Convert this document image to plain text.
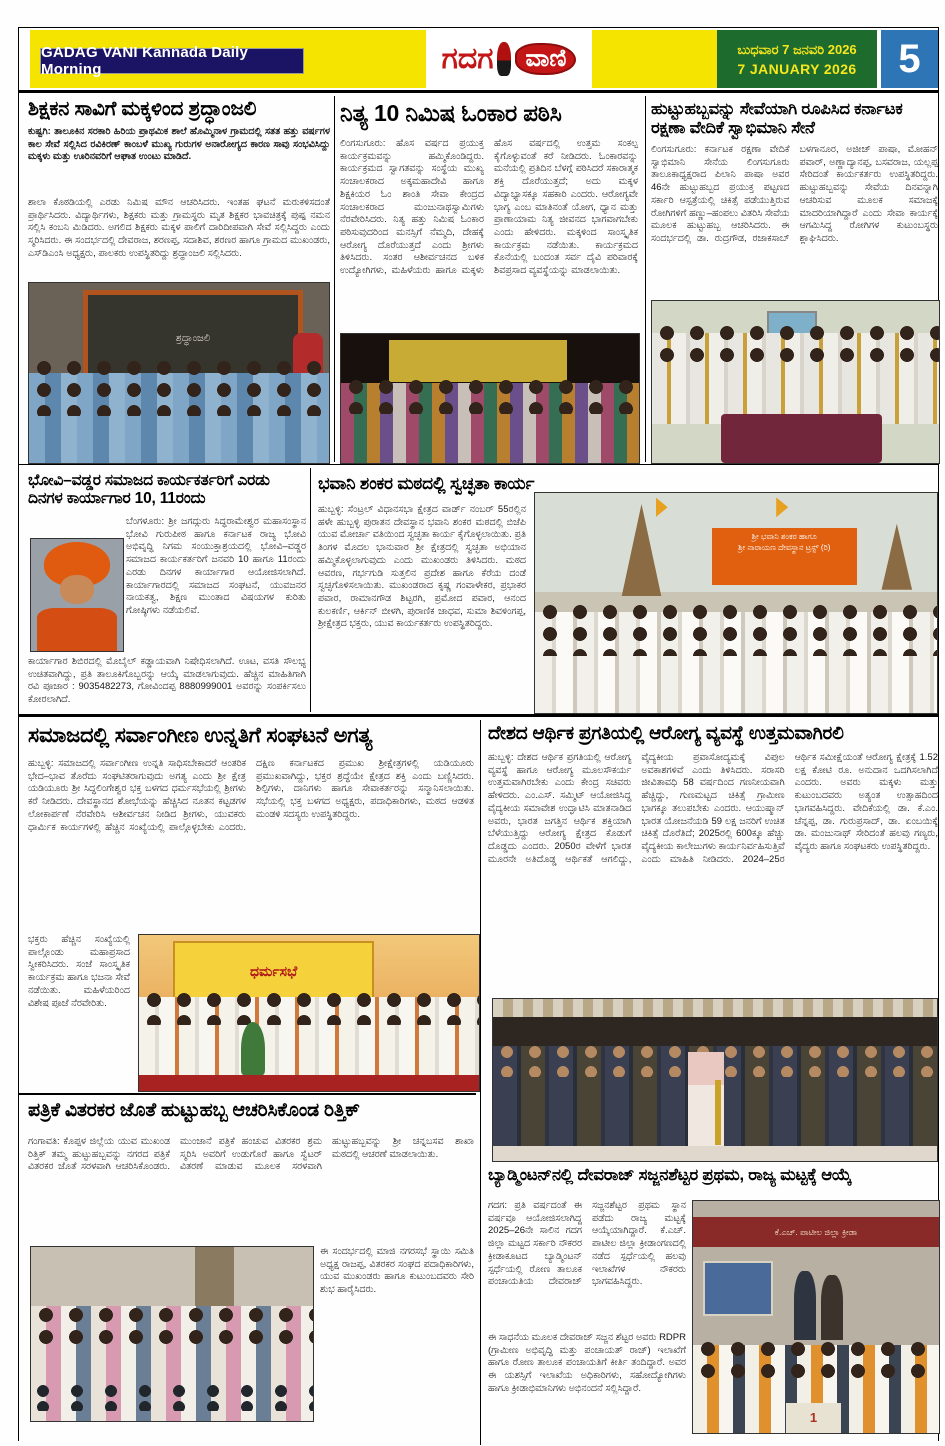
GADAG VANI Kannada Daily Morning	ಗದಗ	ವಾಣಿ	ಬುಧವಾರ 7 ಜನವರಿ 2026
7 JANUARY 2026	5
ಶಿಕ್ಷಕನ ಸಾವಿಗೆ ಮಕ್ಕಳಿಂದ ಶ್ರದ್ಧಾಂಜಲಿ
ಕುಷ್ಟಗಿ: ತಾಲೂಕಿನ ಸರಕಾರಿ ಹಿರಿಯ ಪ್ರಾಥಮಿಕ ಶಾಲೆ ಹೊಮ್ಮಿನಾಳ ಗ್ರಾಮದಲ್ಲಿ ಸತತ ಹತ್ತು ವರ್ಷಗಳ ಕಾಲ ಸೇವೆ ಸಲ್ಲಿಸಿದ ರವಿಕಿರಣ್ ಕಾಂಬಳೆ ಮುಖ್ಯ ಗುರುಗಳ ಅನಾರೋಗ್ಯದ ಕಾರಣ ಸಾವು ಸಂಭವಿಸಿದ್ದು ಮಕ್ಕಳು ಮತ್ತು ಊರಿನವರಿಗೆ ಆಘಾತ ಉಂಟು ಮಾಡಿದೆ.
ಶಾಲಾ ಕೊಠಡಿಯಲ್ಲಿ ಎರಡು ನಿಮಿಷ ಮೌನ ಆಚರಿಸಿದರು. ಇಂತಹ ಘಟನೆ ಮರುಕಳಿಸದಂತೆ ಪ್ರಾರ್ಥಿಸಿದರು. ವಿದ್ಯಾರ್ಥಿಗಳು, ಶಿಕ್ಷಕರು ಮತ್ತು ಗ್ರಾಮಸ್ಥರು ಮೃತ ಶಿಕ್ಷಕರ ಭಾವಚಿತ್ರಕ್ಕೆ ಪುಷ್ಪ ನಮನ ಸಲ್ಲಿಸಿ ಕಂಬನಿ ಮಿಡಿದರು. ಅಗಲಿದ ಶಿಕ್ಷಕರು ಮಕ್ಕಳ ಪಾಲಿಗೆ ದಾರಿದೀಪವಾಗಿ ಸೇವೆ ಸಲ್ಲಿಸಿದ್ದರು ಎಂದು ಸ್ಮರಿಸಿದರು. ಈ ಸಂದರ್ಭದಲ್ಲಿ ದೇವರಾಜ, ಶರಣಪ್ಪ, ಸದಾಶಿವ, ಶರಣರ ಹಾಗೂ ಗ್ರಾಮದ ಮುಖಂಡರು, ಎಸ್‌ಡಿಎಂಸಿ ಅಧ್ಯಕ್ಷರು, ಪಾಲಕರು ಉಪಸ್ಥಿತರಿದ್ದು ಶ್ರದ್ಧಾಂಜಲಿ ಸಲ್ಲಿಸಿದರು.
ಶ್ರದ್ಧಾಂಜಲಿ
ನಿತ್ಯ 10 ನಿಮಿಷ ಓಂಕಾರ ಪಠಿಸಿ
ಲಿಂಗಸುಗೂರು: ಹೊಸ ವರ್ಷದ ಪ್ರಯುಕ್ತ ಕಾರ್ಯಕ್ರಮವನ್ನು ಹಮ್ಮಿಕೊಂಡಿದ್ದರು. ಕಾರ್ಯಕ್ರಮದ ಸ್ವಾಗತವನ್ನು ಸಂಸ್ಥೆಯ ಮುಖ್ಯ ಸಂಚಾಲಕರಾದ ಅಕ್ಕಮಹಾದೇವಿ ಹಾಗೂ ಶಿಕ್ಷಕಿಯರ ಓಂ ಶಾಂತಿ ಸೇವಾ ಕೇಂದ್ರದ ಸಂಚಾಲಕರಾದ ಮಂಜುನಾಥಸ್ವಾಮಿಗಳು ನೆರವೇರಿಸಿದರು. ನಿತ್ಯ ಹತ್ತು ನಿಮಿಷ ಓಂಕಾರ ಪಠಿಸುವುದರಿಂದ ಮನಸ್ಸಿಗೆ ನೆಮ್ಮದಿ, ದೇಹಕ್ಕೆ ಆರೋಗ್ಯ ದೊರೆಯುತ್ತದೆ ಎಂದು ಶ್ರೀಗಳು ತಿಳಿಸಿದರು. ಸಂತರ ಆಶೀರ್ವಚನದ ಬಳಿಕ ಉದ್ಯೋಗಿಗಳು, ಮಹಿಳೆಯರು ಹಾಗೂ ಮಕ್ಕಳು ಹೊಸ ವರ್ಷದಲ್ಲಿ ಉತ್ತಮ ಸಂಕಲ್ಪ ಕೈಗೊಳ್ಳುವಂತೆ ಕರೆ ನೀಡಿದರು. ಓಂಕಾರವನ್ನು ಮನೆಯಲ್ಲಿ ಪ್ರತಿದಿನ ಬೆಳಗ್ಗೆ ಪಠಿಸಿದರೆ ಸಕಾರಾತ್ಮಕ ಶಕ್ತಿ ದೊರೆಯುತ್ತದೆ; ಅದು ಮಕ್ಕಳ ವಿದ್ಯಾಭ್ಯಾಸಕ್ಕೂ ಸಹಕಾರಿ ಎಂದರು. ಆರೋಗ್ಯವೇ ಭಾಗ್ಯ ಎಂಬ ಮಾತಿನಂತೆ ಯೋಗ, ಧ್ಯಾನ ಮತ್ತು ಪ್ರಾಣಾಯಾಮ ನಿತ್ಯ ಜೀವನದ ಭಾಗವಾಗಬೇಕು ಎಂದು ಹೇಳಿದರು. ಮಕ್ಕಳಿಂದ ಸಾಂಸ್ಕೃತಿಕ ಕಾರ್ಯಕ್ರಮ ನಡೆಯಿತು. ಕಾರ್ಯಕ್ರಮದ ಕೊನೆಯಲ್ಲಿ ಬಂದಂತ ಸರ್ವ ದೈವಿ ಪರಿವಾರಕ್ಕೆ ಶಿವಪ್ರಸಾದ ವ್ಯವಸ್ಥೆಯನ್ನು ಮಾಡಲಾಯಿತು.
ಹುಟ್ಟುಹಬ್ಬವನ್ನು ಸೇವೆಯಾಗಿ ರೂಪಿಸಿದ ಕರ್ನಾಟಕ ರಕ್ಷಣಾ ವೇದಿಕೆ ಸ್ವಾಭಿಮಾನಿ ಸೇನೆ
ಲಿಂಗಸುಗೂರು: ಕರ್ನಾಟಕ ರಕ್ಷಣಾ ವೇದಿಕೆ ಸ್ವಾಭಿಮಾನಿ ಸೇನೆಯ ಲಿಂಗಸುಗೂರು ತಾಲೂಕಾಧ್ಯಕ್ಷರಾದ ಪಿಲಾನಿ ಪಾಷಾ ಅವರ 46ನೇ ಹುಟ್ಟುಹಬ್ಬದ ಪ್ರಯುಕ್ತ ಪಟ್ಟಣದ ಸರ್ಕಾರಿ ಆಸ್ಪತ್ರೆಯಲ್ಲಿ ಚಿಕಿತ್ಸೆ ಪಡೆಯುತ್ತಿರುವ ರೋಗಿಗಳಿಗೆ ಹಣ್ಣು–ಹಂಪಲು ವಿತರಿಸಿ ಸೇವೆಯ ಮೂಲಕ ಹುಟ್ಟುಹಬ್ಬ ಆಚರಿಸಿದರು. ಈ ಸಂದರ್ಭದಲ್ಲಿ ಡಾ. ರುದ್ರಗೌಡ, ರಜಾಕಸಾಬ್ ಬಳಗಾನೂರ, ಅಜೀಜ್ ಪಾಷಾ, ಮೋಹನ್ ಪವಾರ್, ಅಣ್ಣಾದ್ಯಾನಪ್ಪ, ಬಸವರಾಜ, ಯಲ್ಲಪ್ಪ ಸೇರಿದಂತೆ ಕಾರ್ಯಕರ್ತರು ಉಪಸ್ಥಿತರಿದ್ದರು. ಹುಟ್ಟುಹಬ್ಬವನ್ನು ಸೇವೆಯ ದಿನವನ್ನಾಗಿ ಆಚರಿಸುವ ಮೂಲಕ ಸಮಾಜಕ್ಕೆ ಮಾದರಿಯಾಗಿದ್ದಾರೆ ಎಂದು ಸೇವಾ ಕಾರ್ಯಕ್ಕೆ ಆಗಮಿಸಿದ್ದ ರೋಗಿಗಳ ಕುಟುಂಬಸ್ಥರು ಶ್ಲಾಘಿಸಿದರು.
ಭೋವಿ–ವಡ್ಡರ ಸಮಾಜದ ಕಾರ್ಯಕರ್ತರಿಗೆ ಎರಡು ದಿನಗಳ ಕಾರ್ಯಾಗಾರ 10, 11ರಂದು
ಬೆಂಗಳೂರು: ಶ್ರೀ ಜಗದ್ಗುರು ಸಿದ್ಧರಾಮೇಶ್ವರ ಮಹಾಸಂಸ್ಥಾನ ಭೋವಿ ಗುರುಪೀಠ ಹಾಗೂ ಕರ್ನಾಟಕ ರಾಜ್ಯ ಭೋವಿ ಅಭಿವೃದ್ಧಿ ನಿಗಮ ಸಂಯುಕ್ತಾಶ್ರಯದಲ್ಲಿ ಭೋವಿ–ವಡ್ಡರ ಸಮಾಜದ ಕಾರ್ಯಕರ್ತರಿಗೆ ಜನವರಿ 10 ಹಾಗೂ 11ರಂದು ಎರಡು ದಿನಗಳ ಕಾರ್ಯಾಗಾರ ಆಯೋಜಿಸಲಾಗಿದೆ. ಕಾರ್ಯಾಗಾರದಲ್ಲಿ ಸಮಾಜದ ಸಂಘಟನೆ, ಯುವಜನರ ನಾಯಕತ್ವ, ಶಿಕ್ಷಣ ಮುಂತಾದ ವಿಷಯಗಳ ಕುರಿತು ಗೋಷ್ಠಿಗಳು ನಡೆಯಲಿವೆ.
ಕಾರ್ಯಾಗಾರ ಶಿಬಿರದಲ್ಲಿ ಮೊಬೈಲ್ ಕಡ್ಡಾಯವಾಗಿ ನಿಷೇಧಿಸಲಾಗಿದೆ. ಊಟ, ವಸತಿ ಸೌಲಭ್ಯ ಉಚಿತವಾಗಿದ್ದು, ಪ್ರತಿ ತಾಲೂಕಿಗೊಬ್ಬರನ್ನು ಆಯ್ಕೆ ಮಾಡಲಾಗುವುದು. ಹೆಚ್ಚಿನ ಮಾಹಿತಿಗಾಗಿ ರವಿ ಪೂಜಾರ : 9035482273, ಗೋವಿಂದಪ್ಪ 8880999001 ಅವರನ್ನು ಸಂಪರ್ಕಿಸಲು ಕೋರಲಾಗಿದೆ.
ಭವಾನಿ ಶಂಕರ ಮಠದಲ್ಲಿ ಸ್ವಚ್ಛತಾ ಕಾರ್ಯ
ಹುಬ್ಬಳ್ಳಿ: ಸೆಂಟ್ರಲ್ ವಿಧಾನಸಭಾ ಕ್ಷೇತ್ರದ ವಾರ್ಡ್ ನಂಬರ್ 55ರಲ್ಲಿನ ಹಳೇ ಹುಬ್ಬಳ್ಳಿ ಪುರಾತನ ದೇವಸ್ಥಾನ ಭವಾನಿ ಶಂಕರ ಮಠದಲ್ಲಿ ಬಿಜೆಪಿ ಯುವ ಮೋರ್ಚಾ ವತಿಯಿಂದ ಸ್ವಚ್ಛತಾ ಕಾರ್ಯ ಕೈಗೊಳ್ಳಲಾಯಿತು. ಪ್ರತಿ ತಿಂಗಳ ಮೊದಲ ಭಾನುವಾರ ಶ್ರೀ ಕ್ಷೇತ್ರದಲ್ಲಿ ಸ್ವಚ್ಛತಾ ಅಭಿಯಾನ ಹಮ್ಮಿಕೊಳ್ಳಲಾಗುವುದು ಎಂದು ಮುಖಂಡರು ತಿಳಿಸಿದರು. ಮಠದ ಆವರಣ, ಗರ್ಭಗುಡಿ ಸುತ್ತಲಿನ ಪ್ರದೇಶ ಹಾಗೂ ಕೆರೆಯ ದಂಡೆ ಸ್ವಚ್ಛಗೊಳಿಸಲಾಯಿತು. ಮುಖಂಡರಾದ ಕೃಷ್ಣ ಗಂವಾಳೇಕರ, ಪ್ರಭಾಕರ ಪವಾರ, ರಾಮಾನಗೌಡ ಶಿಟ್ಟರಗಿ, ಪ್ರಮೋದ ಪವಾರ, ಆನಂದ ಕುಲಕರ್ಣಿ, ಆರ್ಕಿನ್ ಬೀಳಗಿ, ಪುರಾಣಿಕ ಜಾಧವ, ಸುಮಾ ಶಿವಳಿಂಗಪ್ಪ, ಶ್ರೀಕ್ಷೇತ್ರದ ಭಕ್ತರು, ಯುವ ಕಾರ್ಯಕರ್ತರು ಉಪಸ್ಥಿತರಿದ್ದರು.
ಶ್ರೀ ಭವಾನಿ ಶಂಕರ ಹಾಗೂ
ಶ್ರೀ ನಾರಾಯಣ ದೇವಸ್ಥಾನ ಟ್ರಸ್ಟ್ (ರಿ)
ಸಮಾಜದಲ್ಲಿ ಸರ್ವಾಂಗೀಣ ಉನ್ನತಿಗೆ ಸಂಘಟನೆ ಅಗತ್ಯ
ಹುಬ್ಬಳ್ಳಿ: ಸಮಾಜದಲ್ಲಿ ಸರ್ವಾಂಗೀಣ ಉನ್ನತಿ ಸಾಧಿಸಬೇಕಾದರೆ ಆಂತರಿಕ ಭೇದ–ಭಾವ ತೊರೆದು ಸಂಘಟಿತರಾಗುವುದು ಅಗತ್ಯ ಎಂದು ಶ್ರೀ ಕ್ಷೇತ್ರ ಯಡಿಯೂರು ಶ್ರೀ ಸಿದ್ಧಲಿಂಗೇಶ್ವರ ಭಕ್ತ ಬಳಗದ ಧರ್ಮಸಭೆಯಲ್ಲಿ ಶ್ರೀಗಳು ಕರೆ ನೀಡಿದರು. ದೇವಸ್ಥಾನದ ಶೋಭೆಯನ್ನು ಹೆಚ್ಚಿಸಿದ ನೂತನ ಕಟ್ಟಡಗಳ ಲೋಕಾರ್ಪಣೆ ನೆರವೇರಿಸಿ ಆಶೀರ್ವಚನ ನೀಡಿದ ಶ್ರೀಗಳು, ಯುವಕರು ಧಾರ್ಮಿಕ ಕಾರ್ಯಗಳಲ್ಲಿ ಹೆಚ್ಚಿನ ಸಂಖ್ಯೆಯಲ್ಲಿ ಪಾಲ್ಗೊಳ್ಳಬೇಕು ಎಂದರು. ದಕ್ಷಿಣ ಕರ್ನಾಟಕದ ಪ್ರಮುಖ ಶ್ರೀಕ್ಷೇತ್ರಗಳಲ್ಲಿ ಯಡಿಯೂರು ಪ್ರಮುಖವಾಗಿದ್ದು, ಭಕ್ತರ ಶ್ರದ್ಧೆಯೇ ಕ್ಷೇತ್ರದ ಶಕ್ತಿ ಎಂದು ಬಣ್ಣಿಸಿದರು. ಶಿಲ್ಪಿಗಳು, ದಾನಿಗಳು ಹಾಗೂ ಸೇವಾಕರ್ತರನ್ನು ಸನ್ಮಾನಿಸಲಾಯಿತು. ಸಭೆಯಲ್ಲಿ ಭಕ್ತ ಬಳಗದ ಅಧ್ಯಕ್ಷರು, ಪದಾಧಿಕಾರಿಗಳು, ಮಠದ ಆಡಳಿತ ಮಂಡಳಿ ಸದಸ್ಯರು ಉಪಸ್ಥಿತರಿದ್ದರು.
ಭಕ್ತರು ಹೆಚ್ಚಿನ ಸಂಖ್ಯೆಯಲ್ಲಿ ಪಾಲ್ಗೊಂಡು ಮಹಾಪ್ರಸಾದ ಸ್ವೀಕರಿಸಿದರು. ಸಂಜೆ ಸಾಂಸ್ಕೃತಿಕ ಕಾರ್ಯಕ್ರಮ ಹಾಗೂ ಭಜನಾ ಸೇವೆ ನಡೆಯಿತು. ಮಹಿಳೆಯರಿಂದ ವಿಶೇಷ ಪೂಜೆ ನೆರವೇರಿತು.
ಧರ್ಮಸಭೆ
ದೇಶದ ಆರ್ಥಿಕ ಪ್ರಗತಿಯಲ್ಲಿ ಆರೋಗ್ಯ ವ್ಯವಸ್ಥೆ ಉತ್ತಮವಾಗಿರಲಿ
ಹುಬ್ಬಳ್ಳಿ: ದೇಶದ ಆರ್ಥಿಕ ಪ್ರಗತಿಯಲ್ಲಿ ಆರೋಗ್ಯ ವ್ಯವಸ್ಥೆ ಹಾಗೂ ಆರೋಗ್ಯ ಮೂಲಸೌಕರ್ಯ ಉತ್ತಮವಾಗಿರಬೇಕು ಎಂದು ಕೇಂದ್ರ ಸಚಿವರು ಹೇಳಿದರು. ಎಂ.ಎಸ್. ಸಮ್ಮಿಟ್ ಆಯೋಜಿಸಿದ್ದ ವೈದ್ಯಕೀಯ ಸಮಾವೇಶ ಉದ್ಘಾಟಿಸಿ ಮಾತನಾಡಿದ ಅವರು, ಭಾರತ ಜಗತ್ತಿನ ಆರ್ಥಿಕ ಶಕ್ತಿಯಾಗಿ ಬೆಳೆಯುತ್ತಿದ್ದು ಆರೋಗ್ಯ ಕ್ಷೇತ್ರದ ಕೊಡುಗೆ ದೊಡ್ಡದು ಎಂದರು. 2050ರ ವೇಳೆಗೆ ಭಾರತ ಮೂರನೇ ಅತಿದೊಡ್ಡ ಆರ್ಥಿಕತೆ ಆಗಲಿದ್ದು, ವೈದ್ಯಕೀಯ ಪ್ರವಾಸೋದ್ಯಮಕ್ಕೆ ವಿಪುಲ ಅವಕಾಶಗಳಿವೆ ಎಂದು ತಿಳಿಸಿದರು. ಸರಾಸರಿ ಜೀವಿತಾವಧಿ 58 ವರ್ಷದಿಂದ ಗಣನೀಯವಾಗಿ ಹೆಚ್ಚಿದ್ದು, ಗುಣಮಟ್ಟದ ಚಿಕಿತ್ಸೆ ಗ್ರಾಮೀಣ ಭಾಗಕ್ಕೂ ತಲುಪಬೇಕು ಎಂದರು. ಆಯುಷ್ಮಾನ್ ಭಾರತ ಯೋಜನೆಯಡಿ 59 ಲಕ್ಷ ಜನರಿಗೆ ಉಚಿತ ಚಿಕಿತ್ಸೆ ದೊರೆತಿದೆ; 2025ರಲ್ಲಿ 600ಕ್ಕೂ ಹೆಚ್ಚು ವೈದ್ಯಕೀಯ ಕಾಲೇಜುಗಳು ಕಾರ್ಯನಿರ್ವಹಿಸುತ್ತಿವೆ ಎಂದು ಮಾಹಿತಿ ನೀಡಿದರು. 2024–25ರ ಆರ್ಥಿಕ ಸಮೀಕ್ಷೆಯಂತೆ ಆರೋಗ್ಯ ಕ್ಷೇತ್ರಕ್ಕೆ 1.52 ಲಕ್ಷ ಕೋಟಿ ರೂ. ಅನುದಾನ ಒದಗಿಸಲಾಗಿದೆ ಎಂದರು. ಅವರು ಮಕ್ಕಳು ಮತ್ತು ಕುಟುಂಬದವರು ಅತ್ಯಂತ ಉತ್ಸಾಹದಿಂದ ಭಾಗವಹಿಸಿದ್ದರು. ವೇದಿಕೆಯಲ್ಲಿ ಡಾ. ಕೆ.ಎಂ. ಚೆನ್ನಪ್ಪ, ಡಾ. ಗುರುಪ್ರಸಾದ್, ಡಾ. ಏಂಬಯಿಕ್ಕೆ ಡಾ. ಮಂಜುನಾಥ್ ಸೇರಿದಂತೆ ಹಲವು ಗಣ್ಯರು, ವೈದ್ಯರು ಹಾಗೂ ಸಂಘಟಕರು ಉಪಸ್ಥಿತರಿದ್ದರು.
ಪತ್ರಿಕೆ ವಿತರಕರ ಜೊತೆ ಹುಟ್ಟುಹಬ್ಬ ಆಚರಿಸಿಕೊಂಡ ರಿತ್ತಿಕ್
ಗಂಗಾವತಿ: ಕೊಪ್ಪಳ ಜಿಲ್ಲೆಯ ಯುವ ಮುಖಂಡ ರಿತ್ತಿಕ್ ತಮ್ಮ ಹುಟ್ಟುಹಬ್ಬವನ್ನು ನಗರದ ಪತ್ರಿಕೆ ವಿತರಕರ ಜೊತೆ ಸರಳವಾಗಿ ಆಚರಿಸಿಕೊಂಡರು. ಮುಂಜಾನೆ ಪತ್ರಿಕೆ ಹಂಚುವ ವಿತರಕರ ಶ್ರಮ ಸ್ಮರಿಸಿ ಅವರಿಗೆ ಉಡುಗೊರೆ ಹಾಗೂ ಸ್ವೆಟರ್ ವಿತರಣೆ ಮಾಡುವ ಮೂಲಕ ಸರಳವಾಗಿ ಹುಟ್ಟುಹಬ್ಬವನ್ನು ಶ್ರೀ ಚನ್ನಬಸವ ಶಾಖಾ ಮಠದಲ್ಲಿ ಆಚರಣೆ ಮಾಡಲಾಯಿತು.
ಈ ಸಂದರ್ಭದಲ್ಲಿ ಮಾಜಿ ನಗರಸಭೆ ಸ್ಥಾಯಿ ಸಮಿತಿ ಅಧ್ಯಕ್ಷ ರಾಜಪ್ಪ, ವಿತರಕರ ಸಂಘದ ಪದಾಧಿಕಾರಿಗಳು, ಯುವ ಮುಖಂಡರು ಹಾಗೂ ಕುಟುಂಬದವರು ಸೇರಿ ಶುಭ ಹಾರೈಸಿದರು.
ಬ್ಯಾಡ್ಮಿಂಟನ್‌ನಲ್ಲಿ ದೇವರಾಜ್ ಸಜ್ಜನಶೆಟ್ಟರ ಪ್ರಥಮ, ರಾಜ್ಯ ಮಟ್ಟಕ್ಕೆ ಆಯ್ಕೆ
ಗದಗ: ಪ್ರತಿ ವರ್ಷದಂತೆ ಈ ವರ್ಷವೂ ಆಯೋಜಿಸಲಾಗಿದ್ದ 2025–26ನೇ ಸಾಲಿನ ಗದಗ ಜಿಲ್ಲಾ ಮಟ್ಟದ ಸರ್ಕಾರಿ ನೌಕರರ ಕ್ರೀಡಾಕೂಟದ ಬ್ಯಾಡ್ಮಿಂಟನ್ ಸ್ಪರ್ಧೆಯಲ್ಲಿ ರೋಣ ತಾಲೂಕ ಪಂಚಾಯತಿಯ ದೇವರಾಜ್ ಸಜ್ಜನಶೆಟ್ಟರ ಪ್ರಥಮ ಸ್ಥಾನ ಪಡೆದು ರಾಜ್ಯ ಮಟ್ಟಕ್ಕೆ ಆಯ್ಕೆಯಾಗಿದ್ದಾರೆ. ಕೆ.ಎಚ್. ಪಾಟೀಲ ಜಿಲ್ಲಾ ಕ್ರೀಡಾಂಗಣದಲ್ಲಿ ನಡೆದ ಸ್ಪರ್ಧೆಯಲ್ಲಿ ಹಲವು ಇಲಾಖೆಗಳ ನೌಕರರು ಭಾಗವಹಿಸಿದ್ದರು.
ಈ ಸಾಧನೆಯ ಮೂಲಕ ದೇವರಾಜ್ ಸಜ್ಜನ ಶೆಟ್ಟರ ಅವರು RDPR (ಗ್ರಾಮೀಣ ಅಭಿವೃದ್ಧಿ ಮತ್ತು ಪಂಚಾಯತ್ ರಾಜ್) ಇಲಾಖೆಗೆ ಹಾಗೂ ರೋಣ ತಾಲೂಕ ಪಂಚಾಯತಿಗೆ ಕೀರ್ತಿ ತಂದಿದ್ದಾರೆ. ಅವರ ಈ ಯಶಸ್ಸಿಗೆ ಇಲಾಖೆಯ ಅಧಿಕಾರಿಗಳು, ಸಹೋದ್ಯೋಗಿಗಳು ಹಾಗೂ ಕ್ರೀಡಾಭಿಮಾನಿಗಳು ಅಭಿನಂದನೆ ಸಲ್ಲಿಸಿದ್ದಾರೆ.
ಕೆ.ಎಚ್. ಪಾಟೀಲ ಜಿಲ್ಲಾ ಕ್ರೀಡಾ
1
